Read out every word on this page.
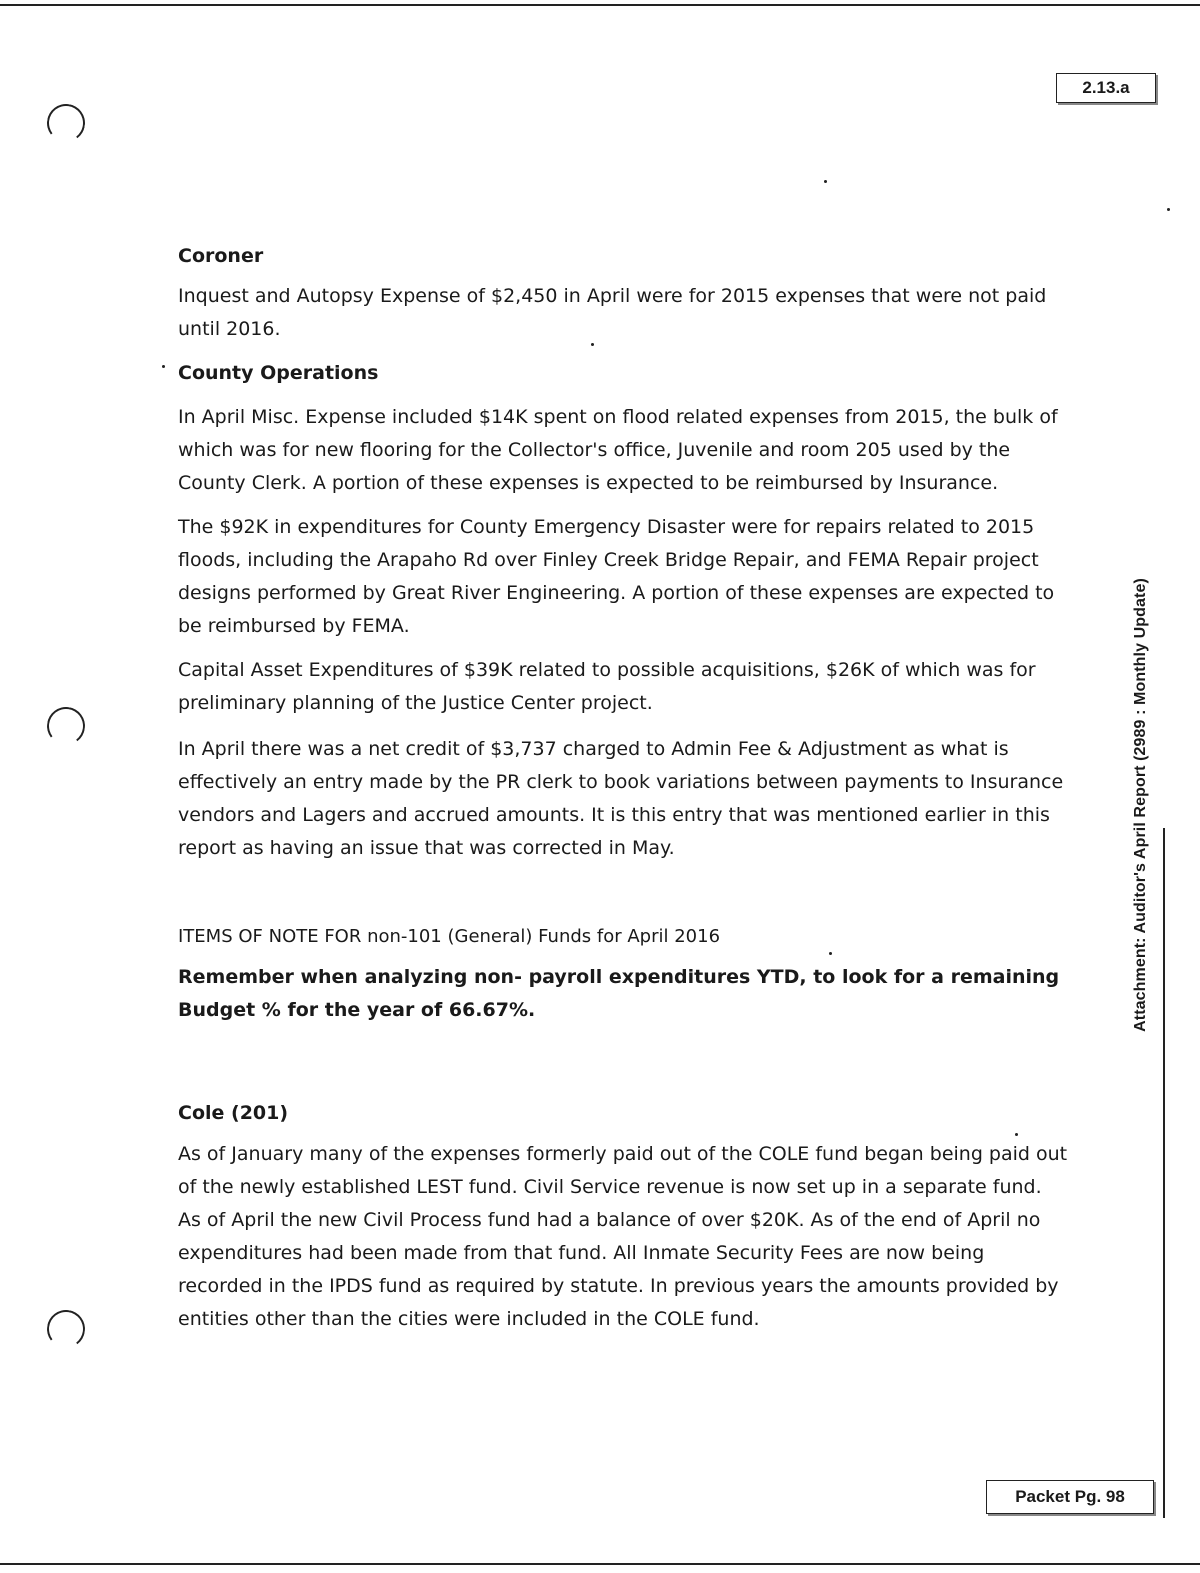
2.13.a
Attachment: Auditor's April Report (2989 : Monthly Update)
Coroner

Inquest and Autopsy Expense of $2,450 in April were for 2015 expenses that were not paid until 2016.

County Operations

In April Misc. Expense included $14K spent on flood related expenses from 2015, the bulk of which was for new flooring for the Collector's office, Juvenile and room 205 used by the County Clerk. A portion of these expenses is expected to be reimbursed by Insurance.

The $92K in expenditures for County Emergency Disaster were for repairs related to 2015 floods, including the Arapaho Rd over Finley Creek Bridge Repair, and FEMA Repair project designs performed by Great River Engineering. A portion of these expenses are expected to be reimbursed by FEMA.

Capital Asset Expenditures of $39K related to possible acquisitions, $26K of which was for preliminary planning of the Justice Center project.

In April there was a net credit of $3,737 charged to Admin Fee & Adjustment as what is effectively an entry made by the PR clerk to book variations between payments to Insurance vendors and Lagers and accrued amounts. It is this entry that was mentioned earlier in this report as having an issue that was corrected in May.

ITEMS OF NOTE FOR non-101 (General) Funds for April 2016

Remember when analyzing non- payroll expenditures YTD, to look for a remaining Budget % for the year of 66.67%.

Cole (201)

As of January many of the expenses formerly paid out of the COLE fund began being paid out of the newly established LEST fund. Civil Service revenue is now set up in a separate fund. As of April the new Civil Process fund had a balance of over $20K. As of the end of April no expenditures had been made from that fund. All Inmate Security Fees are now being recorded in the IPDS fund as required by statute. In previous years the amounts provided by entities other than the cities were included in the COLE fund.

Packet Pg. 98
